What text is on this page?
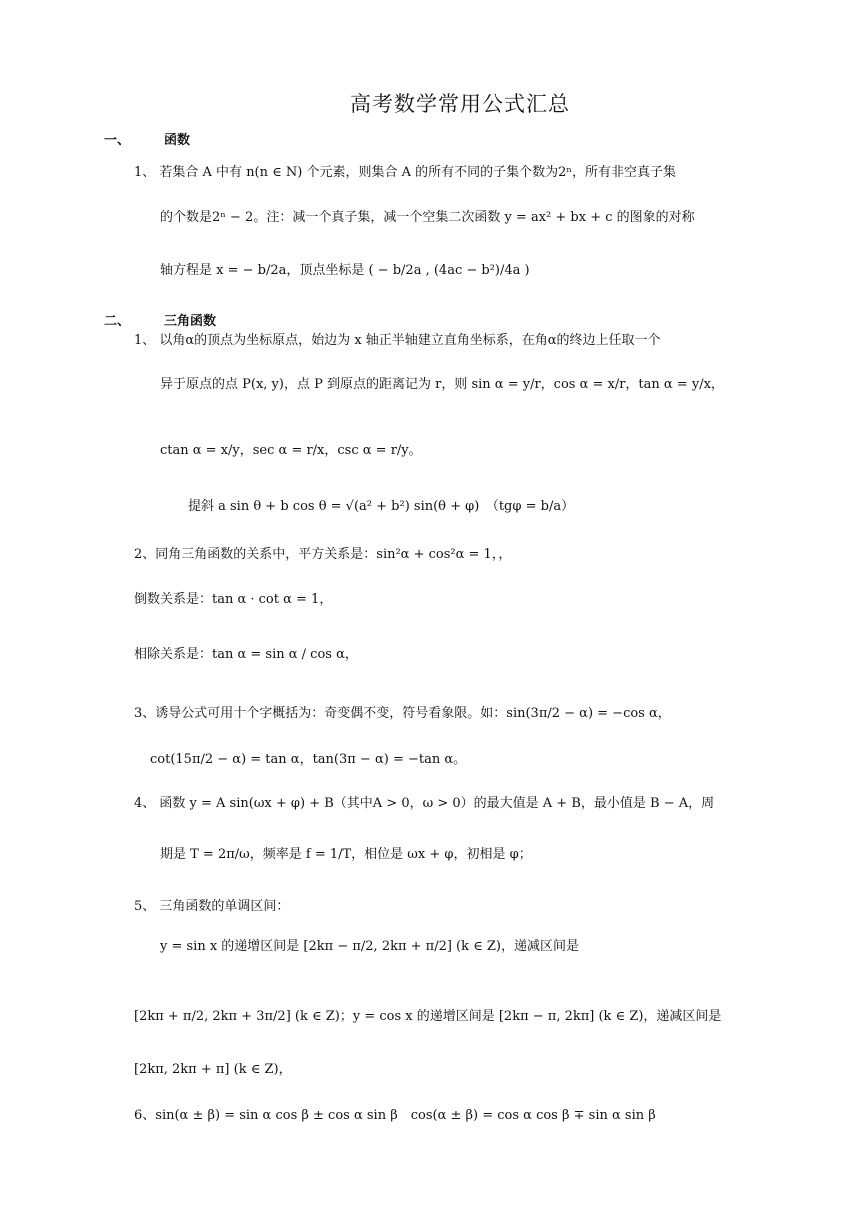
高考数学常用公式汇总
一、	函数
1、 若集合 A 中有 n(n ∈ N) 个元素，则集合 A 的所有不同的子集个数为2ⁿ，所有非空真子集
的个数是2ⁿ − 2。注：减一个真子集，减一个空集二次函数 y = ax² + bx + c 的图象的对称
轴方程是 x = − b/2a，顶点坐标是 ( − b/2a , (4ac − b²)/4a )
二、	三角函数
1、 以角α的顶点为坐标原点，始边为 x 轴正半轴建立直角坐标系，在角α的终边上任取一个
异于原点的点 P(x, y)，点 P 到原点的距离记为 r，则 sin α = y/r，cos α = x/r，tan α = y/x，
ctan α = x/y，sec α = r/x，csc α = r/y。
提斜 a sin θ + b cos θ = √(a² + b²) sin(θ + φ)　（tgφ = b/a）
2、同角三角函数的关系中，平方关系是：sin²α + cos²α = 1，，
倒数关系是：tan α · cot α = 1，
相除关系是：tan α = sin α / cos α，
3、诱导公式可用十个字概括为：奇变偶不变，符号看象限。如：sin(3π/2 − α) = −cos α，
cot(15π/2 − α) = tan α，tan(3π − α) = −tan α。
4、 函数 y = A sin(ωx + φ) + B（其中A > 0，ω > 0）的最大值是 A + B，最小值是 B − A，周
期是 T = 2π/ω，频率是 f = 1/T，相位是 ωx + φ，初相是 φ；
5、 三角函数的单调区间：
y = sin x 的递增区间是 [2kπ − π/2, 2kπ + π/2] (k ∈ Z)，递减区间是
[2kπ + π/2, 2kπ + 3π/2] (k ∈ Z)；y = cos x 的递增区间是 [2kπ − π, 2kπ] (k ∈ Z)，递减区间是
[2kπ, 2kπ + π] (k ∈ Z)，
6、sin(α ± β) = sin α cos β ± cos α sin β　cos(α ± β) = cos α cos β ∓ sin α sin β
